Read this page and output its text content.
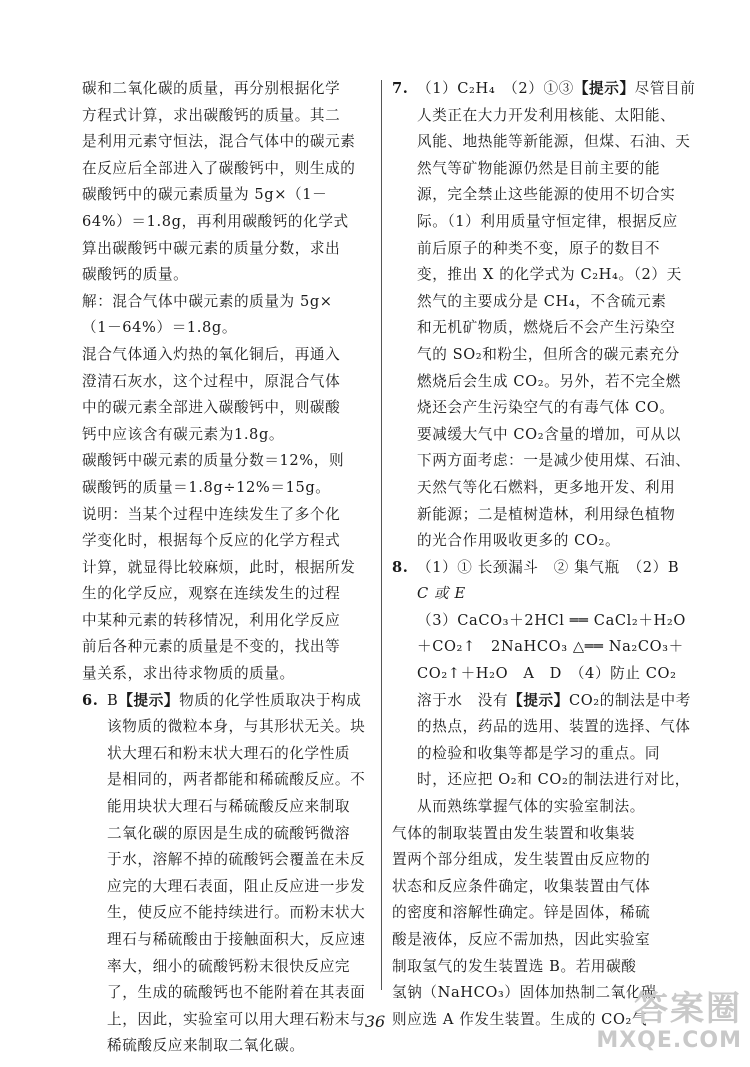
碳和二氧化碳的质量，再分别根据化学
方程式计算，求出碳酸钙的质量。其二
是利用元素守恒法，混合气体中的碳元素
在反应后全部进入了碳酸钙中，则生成的
碳酸钙中的碳元素质量为 5g×（1－
64%）＝1.8g，再利用碳酸钙的化学式
算出碳酸钙中碳元素的质量分数，求出
碳酸钙的质量。
解：混合气体中碳元素的质量为 5g×
（1－64%）＝1.8g。
混合气体通入灼热的氧化铜后，再通入
澄清石灰水，这个过程中，原混合气体
中的碳元素全部进入碳酸钙中，则碳酸
钙中应该含有碳元素为1.8g。
碳酸钙中碳元素的质量分数＝12%，则
碳酸钙的质量＝1.8g÷12%＝15g。
说明：当某个过程中连续发生了多个化
学变化时，根据每个反应的化学方程式
计算，就显得比较麻烦，此时，根据所发
生的化学反应，观察在连续发生的过程
中某种元素的转移情况，利用化学反应
前后各种元素的质量是不变的，找出等
量关系，求出待求物质的质量。
6. B【提示】物质的化学性质取决于构成
该物质的微粒本身，与其形状无关。块
状大理石和粉末状大理石的化学性质
是相同的，两者都能和稀硫酸反应。不
能用块状大理石与稀硫酸反应来制取
二氧化碳的原因是生成的硫酸钙微溶
于水，溶解不掉的硫酸钙会覆盖在未反
应完的大理石表面，阻止反应进一步发
生，使反应不能持续进行。而粉末状大
理石与稀硫酸由于接触面积大，反应速
率大，细小的硫酸钙粉末很快反应完
了，生成的硫酸钙也不能附着在其表面
上，因此，实验室可以用大理石粉末与
稀硫酸反应来制取二氧化碳。
7. （1）C₂H₄　 （2）①③【提示】尽管目前
人类正在大力开发利用核能、太阳能、
风能、地热能等新能源，但煤、石油、天
然气等矿物能源仍然是目前主要的能
源，完全禁止这些能源的使用不切合实
际。（1）利用质量守恒定律，根据反应
前后原子的种类不变，原子的数目不
变，推出 X 的化学式为 C₂H₄。（2）天
然气的主要成分是 CH₄，不含硫元素
和无机矿物质，燃烧后不会产生污染空
气的 SO₂和粉尘，但所含的碳元素充分
燃烧后会生成 CO₂。另外，若不完全燃
烧还会产生污染空气的有毒气体 CO。
要减缓大气中 CO₂含量的增加，可从以
下两方面考虑：一是减少使用煤、石油、
天然气等化石燃料，更多地开发、利用
新能源；二是植树造林，利用绿色植物
的光合作用吸收更多的 CO₂。
8. （1）① 长颈漏斗　② 集气瓶　（2）B
C 或 E
（3）CaCO₃＋2HCl ══ CaCl₂＋H₂O
＋CO₂↑　2NaHCO₃ △══ Na₂CO₃＋
CO₂↑＋H₂O　A　D　（4）防止 CO₂
溶于水　没有【提示】CO₂的制法是中考
的热点，药品的选用、装置的选择、气体
的检验和收集等都是学习的重点。同
时，还应把 O₂和 CO₂的制法进行对比，
从而熟练掌握气体的实验室制法。
气体的制取装置由发生装置和收集装
置两个部分组成，发生装置由反应物的
状态和反应条件确定，收集装置由气体
的密度和溶解性确定。锌是固体，稀硫
酸是液体，反应不需加热，因此实验室
制取氢气的发生装置选 B。若用碳酸
氢钠（NaHCO₃）固体加热制二氧化碳，
则应选 A 作发生装置。生成的 CO₂气
36	答案圈
MXQE.COM
